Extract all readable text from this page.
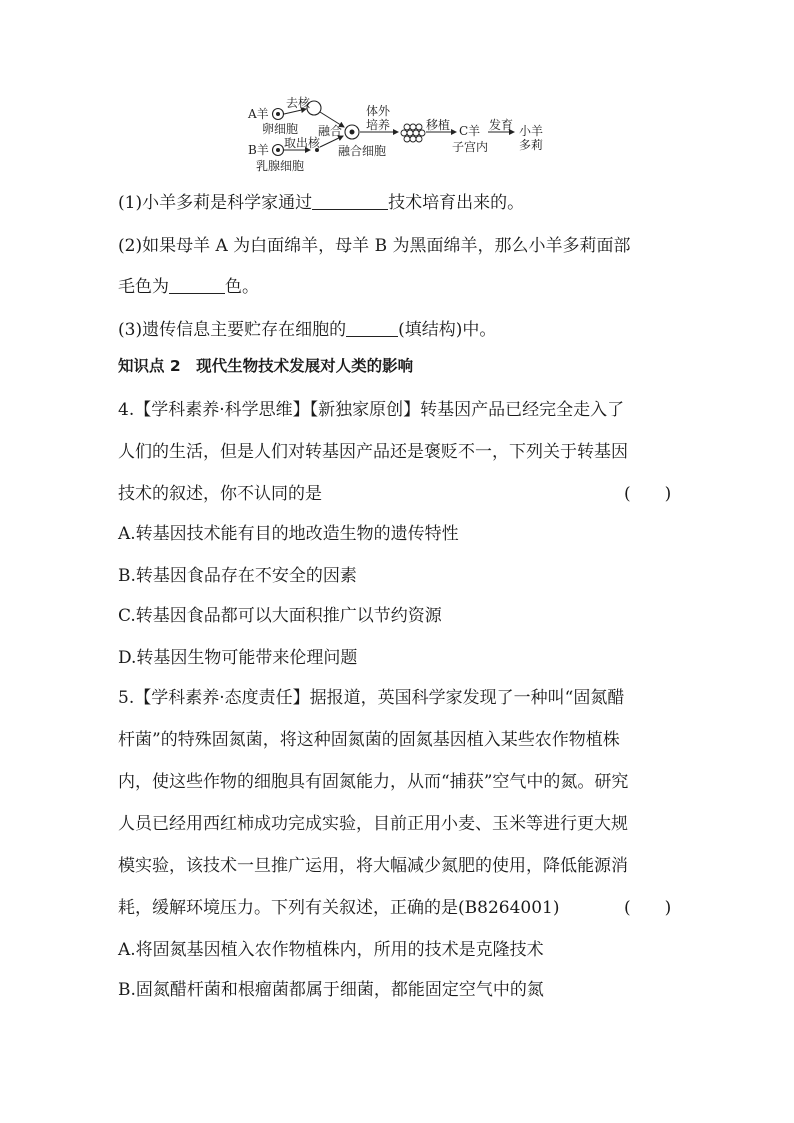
A羊
卵细胞
去核
B羊
乳腺细胞
取出核
融合
融合细胞
体外
培养	移植 C羊
子宫内
发育 小羊
多莉
(1)小羊多莉是科学家通过	技术培育出来的。
(2)如果母羊 A 为白面绵羊，母羊 B 为黑面绵羊，那么小羊多莉面部
毛色为	色。
(3)遗传信息主要贮存在细胞的	(填结构)中。
知识点 2　现代生物技术发展对人类的影响
4.【学科素养·科学思维】【新独家原创】转基因产品已经完全走入了
人们的生活，但是人们对转基因产品还是褒贬不一，下列关于转基因
技术的叙述，你不认同的是	(　　)
A.转基因技术能有目的地改造生物的遗传特性
B.转基因食品存在不安全的因素
C.转基因食品都可以大面积推广以节约资源
D.转基因生物可能带来伦理问题
5.【学科素养·态度责任】据报道，英国科学家发现了一种叫“固氮醋
杆菌”的特殊固氮菌，将这种固氮菌的固氮基因植入某些农作物植株
内，使这些作物的细胞具有固氮能力，从而“捕获”空气中的氮。研究
人员已经用西红柿成功完成实验，目前正用小麦、玉米等进行更大规
模实验，该技术一旦推广运用，将大幅减少氮肥的使用，降低能源消
耗，缓解环境压力。下列有关叙述，正确的是(B8264001)	(　　)
A.将固氮基因植入农作物植株内，所用的技术是克隆技术
B.固氮醋杆菌和根瘤菌都属于细菌，都能固定空气中的氮
